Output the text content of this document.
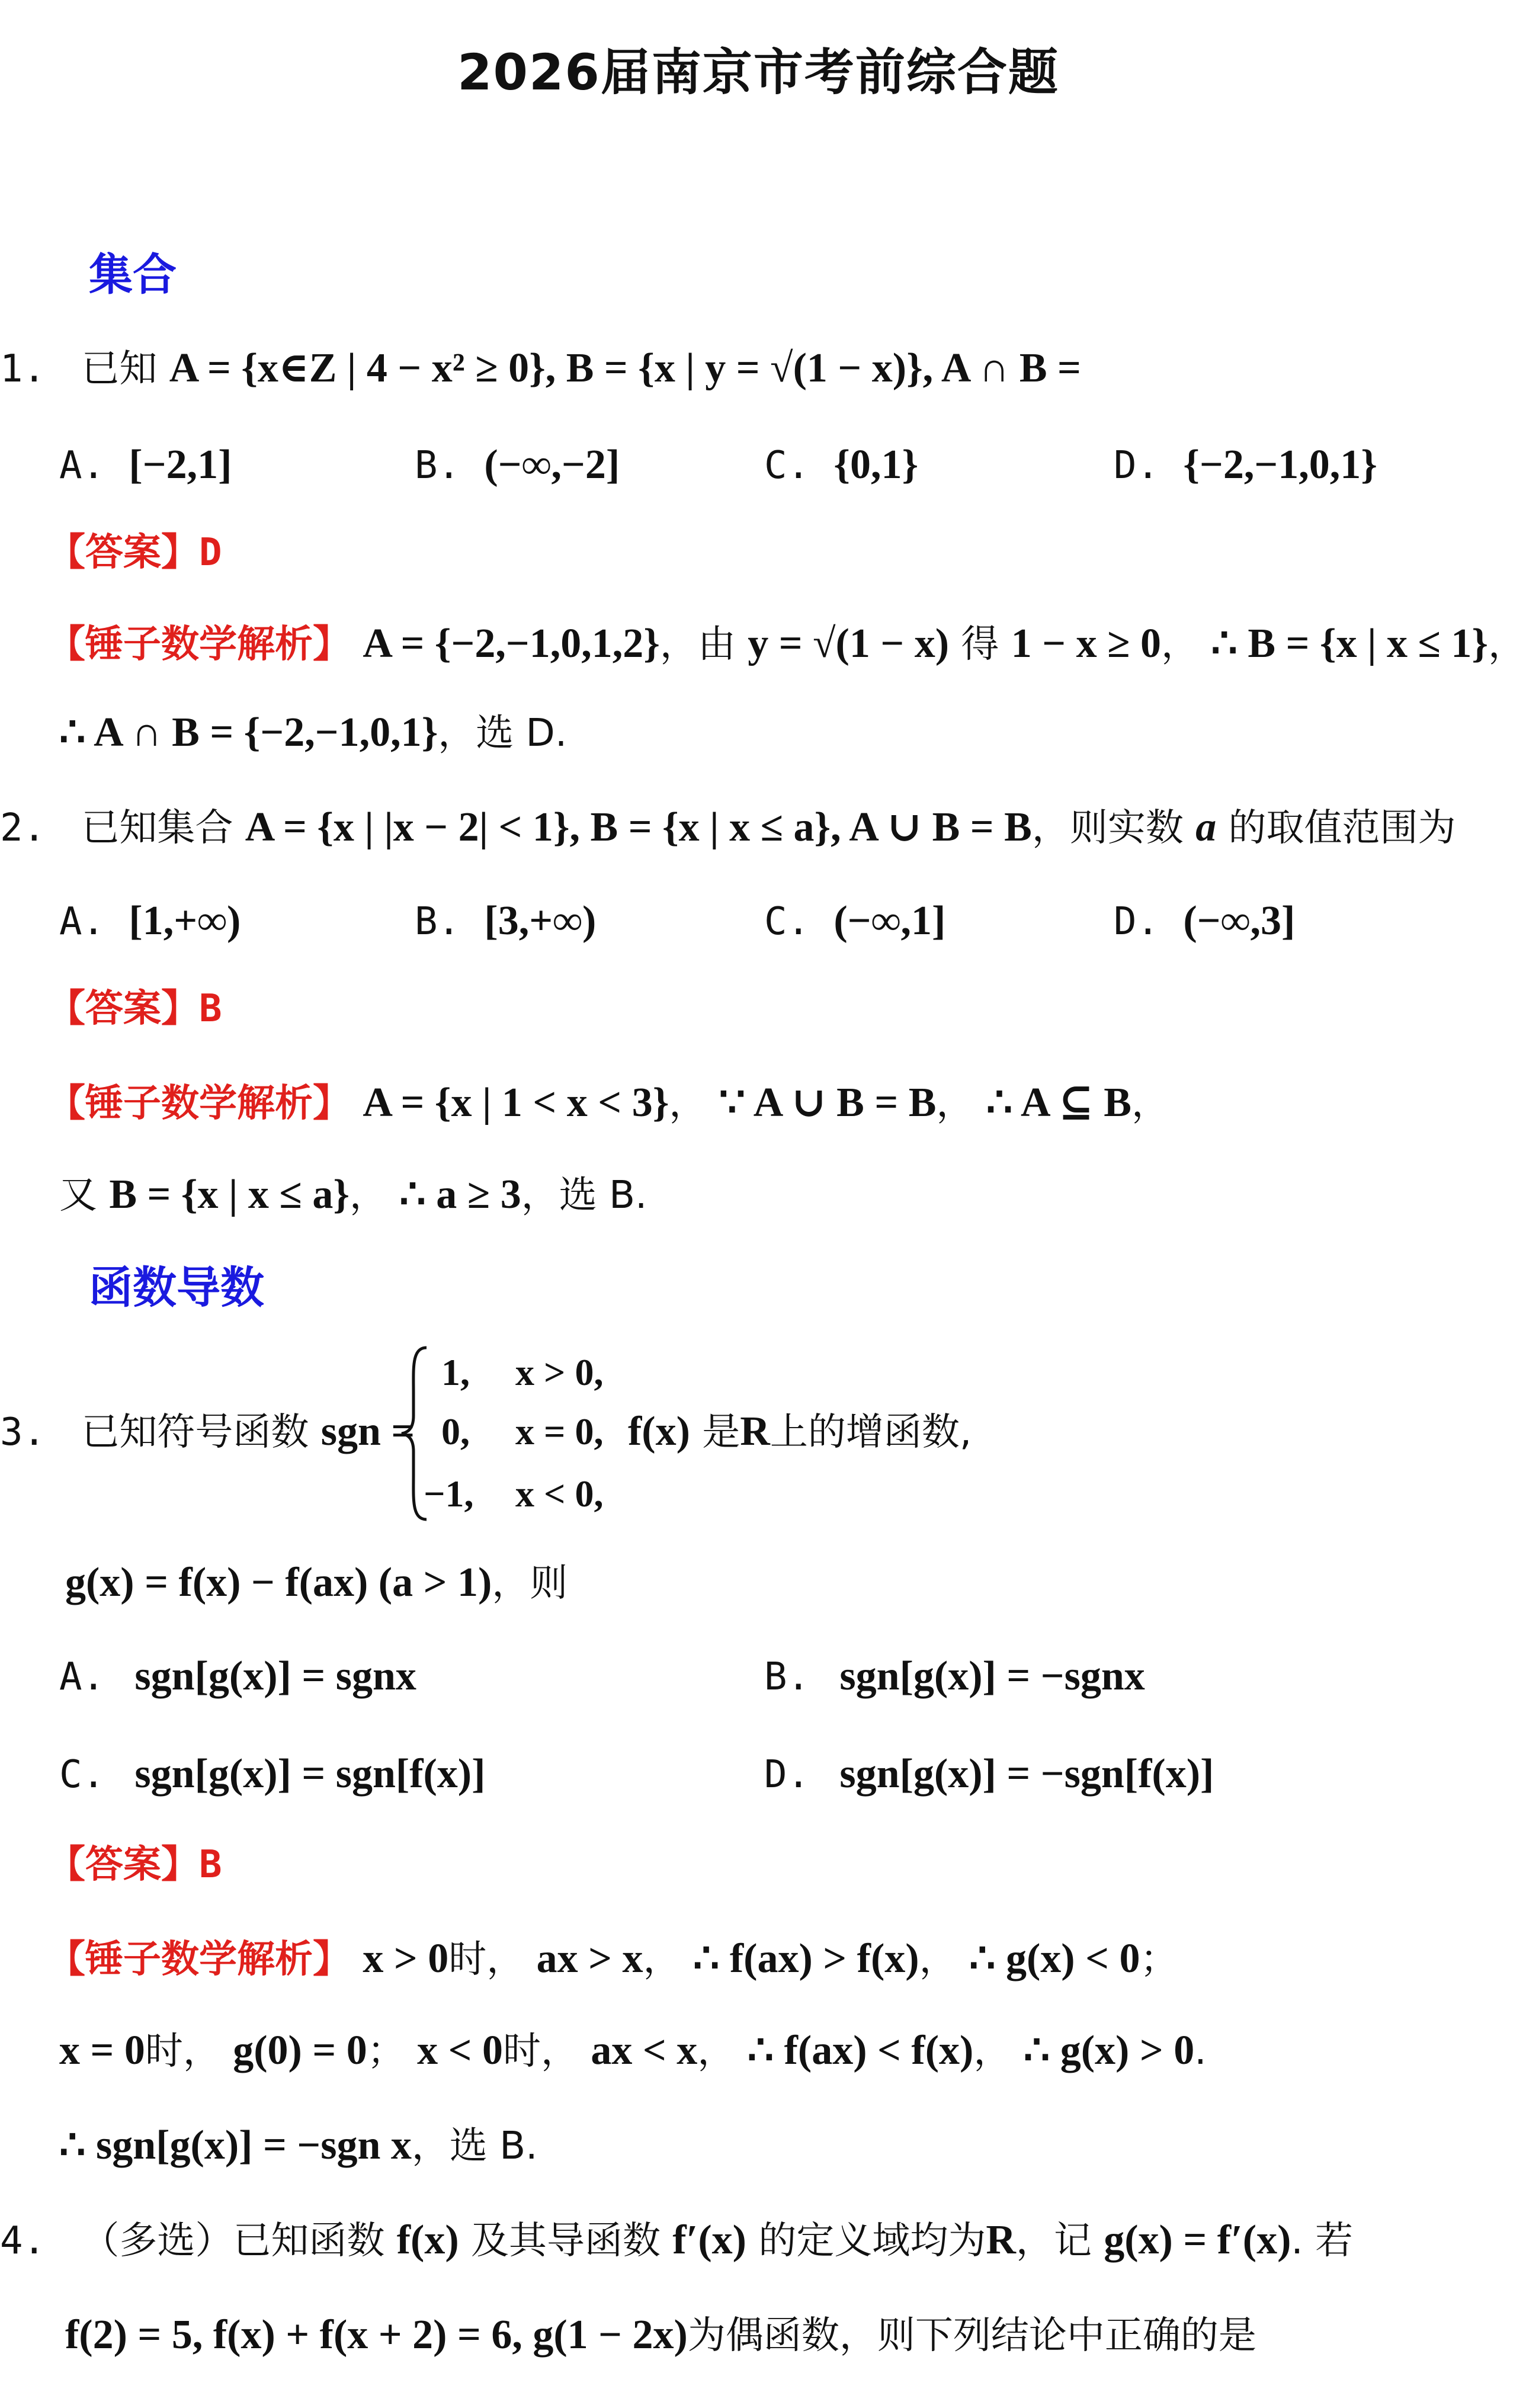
2026届南京市考前综合题
集合
1. 已知 A = {x∈Z | 4 − x² ≥ 0}, B = {x | y = √(1 − x)}, A ∩ B =
A. [−2,1]	B. (−∞,−2]	C. {0,1}	D. {−2,−1,0,1}
【答案】D
【锤子数学解析】 A = {−2,−1,0,1,2}，由 y = √(1 − x) 得 1 − x ≥ 0， ∴ B = {x | x ≤ 1}，
∴ A ∩ B = {−2,−1,0,1}，选 D.
2. 已知集合 A = {x | |x − 2| < 1}, B = {x | x ≤ a}, A ∪ B = B，则实数 a 的取值范围为
A. [1,+∞)	B. [3,+∞)	C. (−∞,1]	D. (−∞,3]
【答案】B
【锤子数学解析】 A = {x | 1 < x < 3}， ∵ A ∪ B = B， ∴ A ⊆ B，
又 B = {x | x ≤ a}， ∴ a ≥ 3，选 B.
函数导数
3. 已知符号函数 sgn =
1, x > 0,
0, x = 0,
−1, x < 0,
f(x) 是R上的增函数,
g(x) = f(x) − f(ax) (a > 1)，则
A. sgn[g(x)] = sgnx	B. sgn[g(x)] = −sgnx
C. sgn[g(x)] = sgn[f(x)]	D. sgn[g(x)] = −sgn[f(x)]
【答案】B
【锤子数学解析】 x > 0时， ax > x， ∴ f(ax) > f(x)， ∴ g(x) < 0；
x = 0时， g(0) = 0； x < 0时， ax < x， ∴ f(ax) < f(x)， ∴ g(x) > 0.
∴ sgn[g(x)] = −sgn x，选 B.
4. （多选）已知函数 f(x) 及其导函数 f′(x) 的定义域均为R，记 g(x) = f′(x). 若
f(2) = 5, f(x) + f(x + 2) = 6, g(1 − 2x)为偶函数，则下列结论中正确的是
